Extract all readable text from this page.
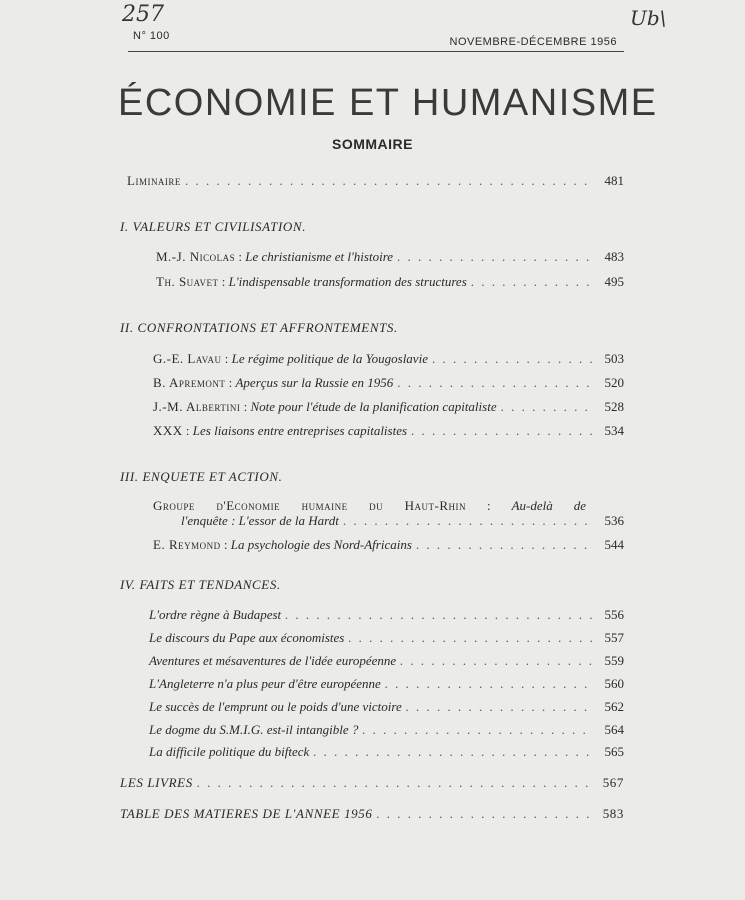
257	Ub\
N° 100	NOVEMBRE-DÉCEMBRE 1956
ÉCONOMIE ET HUMANISME
SOMMAIRE
Liminaire . . .	481
I. VALEURS ET CIVILISATION.
M.-J. Nicolas : Le christianisme et l'histoire . . .	483
Th. Suavet : L'indispensable transformation des structures . . .	495
II. CONFRONTATIONS ET AFFRONTEMENTS.
G.-E. Lavau : Le régime politique de la Yougoslavie . . .	503
B. Apremont : Aperçus sur la Russie en 1956 . . .	520
J.-M. Albertini : Note pour l'étude de la planification capitaliste . . .	528
XXX : Les liaisons entre entreprises capitalistes . . .	534
III. ENQUETE ET ACTION.
Groupe d'Economie humaine du Haut-Rhin : Au-delà de
l'enquête : L'essor de la Hardt . . .	536
E. Reymond : La psychologie des Nord-Africains . . .	544
IV. FAITS ET TENDANCES.
L'ordre règne à Budapest . . .	556
Le discours du Pape aux économistes . . .	557
Aventures et mésaventures de l'idée européenne . . .	559
L'Angleterre n'a plus peur d'être européenne . . .	560
Le succès de l'emprunt ou le poids d'une victoire . . .	562
Le dogme du S.M.I.G. est-il intangible ? . . .	564
La difficile politique du bifteck . . .	565
LES LIVRES . . .	567
TABLE DES MATIERES DE L'ANNEE 1956 . . .	583
